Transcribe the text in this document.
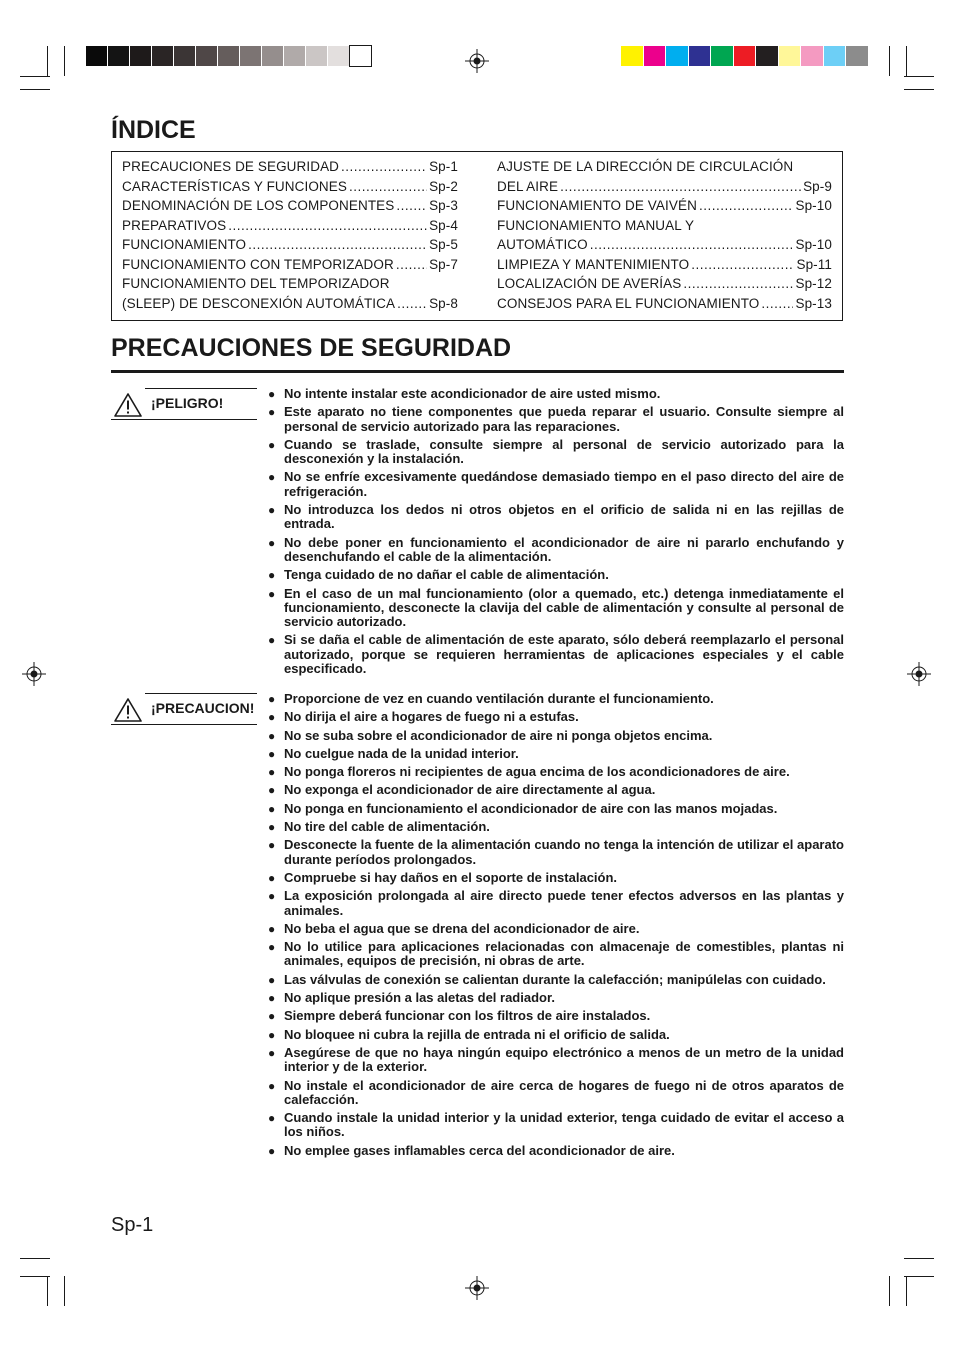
ÍNDICE
PRECAUCIONES DE SEGURIDAD .....	Sp-1
CARACTERÍSTICAS Y FUNCIONES .....	Sp-2
DENOMINACIÓN DE LOS COMPONENTES .....	Sp-3
PREPARATIVOS .....	Sp-4
FUNCIONAMIENTO .....	Sp-5
FUNCIONAMIENTO CON TEMPORIZADOR .....	Sp-7
FUNCIONAMIENTO DEL TEMPORIZADOR
(SLEEP) DE DESCONEXIÓN AUTOMÁTICA .....	Sp-8
AJUSTE DE LA DIRECCIÓN DE CIRCULACIÓN
DEL AIRE .....	Sp-9
FUNCIONAMIENTO DE VAIVÉN .....	Sp-10
FUNCIONAMIENTO MANUAL Y
AUTOMÁTICO .....	Sp-10
LIMPIEZA Y MANTENIMIENTO .....	Sp-11
LOCALIZACIÓN DE AVERÍAS .....	Sp-12
CONSEJOS PARA EL FUNCIONAMIENTO .....	Sp-13
PRECAUCIONES DE SEGURIDAD
¡PELIGRO!
● No intente instalar este acondicionador de aire usted mismo.
● Este aparato no tiene componentes que pueda reparar el usuario. Consulte siempre al personal de servicio autorizado para las reparaciones.
● Cuando se traslade, consulte siempre al personal de servicio autorizado para la desconexión y la instalación.
● No se enfríe excesivamente quedándose demasiado tiempo en el paso directo del aire de refrigeración.
● No introduzca los dedos ni otros objetos en el orificio de salida ni en las rejillas de entrada.
● No debe poner en funcionamiento el acondicionador de aire ni pararlo enchufando y desenchufando el cable de la alimentación.
● Tenga cuidado de no dañar el cable de alimentación.
● En el caso de un mal funcionamiento (olor a quemado, etc.) detenga inmediatamente el funcionamiento, desconecte la clavija del cable de alimentación y consulte al personal de servicio autorizado.
● Si se daña el cable de alimentación de este aparato, sólo deberá reemplazarlo el personal autorizado, porque se requieren herramientas de aplicaciones especiales y el cable especificado.
¡PRECAUCION!
● Proporcione de vez en cuando ventilación durante el funcionamiento.
● No dirija el aire a hogares de fuego ni a estufas.
● No se suba sobre el acondicionador de aire ni ponga objetos encima.
● No cuelgue nada de la unidad interior.
● No ponga floreros ni recipientes de agua encima de los acondicionadores de aire.
● No exponga el acondicionador de aire directamente al agua.
● No ponga en funcionamiento el acondicionador de aire con las manos mojadas.
● No tire del cable de alimentación.
● Desconecte la fuente de la alimentación cuando no tenga la intención de utilizar el aparato durante períodos prolongados.
● Compruebe si hay daños en el soporte de instalación.
● La exposición prolongada al aire directo puede tener efectos adversos en las plantas y animales.
● No beba el agua que se drena del acondicionador de aire.
● No lo utilice para aplicaciones relacionadas con almacenaje de comestibles, plantas ni animales, equipos de precisión, ni obras de arte.
● Las válvulas de conexión se calientan durante la calefacción; manipúlelas con cuidado.
● No aplique presión a las aletas del radiador.
● Siempre deberá funcionar con los filtros de aire instalados.
● No bloquee ni cubra la rejilla de entrada ni el orificio de salida.
● Asegúrese de que no haya ningún equipo electrónico a menos de un metro de la unidad interior y de la exterior.
● No instale el acondicionador de aire cerca de hogares de fuego ni de otros aparatos de calefacción.
● Cuando instale la unidad interior y la unidad exterior, tenga cuidado de evitar el acceso a los niños.
● No emplee gases inflamables cerca del acondicionador de aire.
Sp-1
